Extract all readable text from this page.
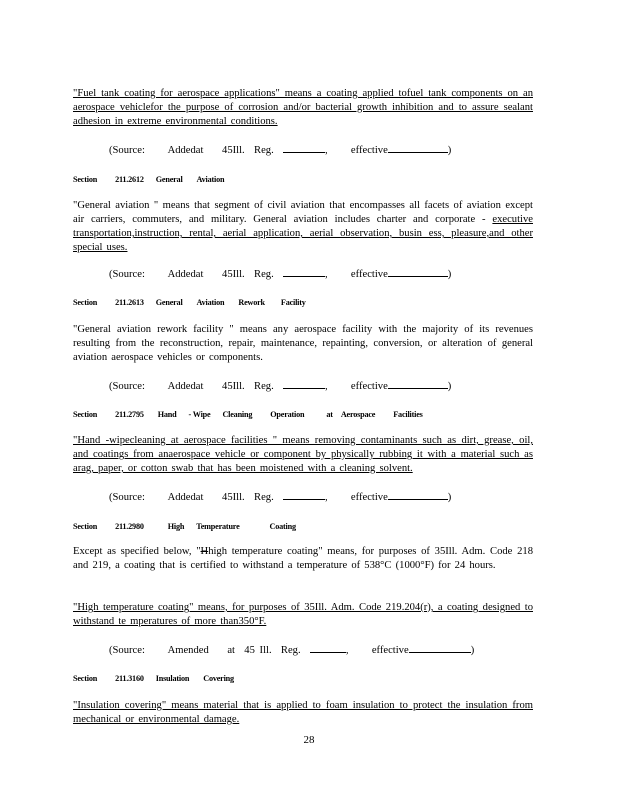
"Fuel tank coating for aerospace applications" means a coating applied tofuel tank components on an aerospace vehiclefor the purpose of corrosion and/or bacterial growth inhibition and to assure sealant adhesion in extreme environmental conditions.
(Source: Addedat 45Ill. Reg.	,     effective	)
Section 211.2612 General Aviation
"General aviation " means that segment of civil aviation that encompasses all facets of aviation except air carriers, commuters, and military. General aviation includes charter and corporate - executive transportation,instruction, rental, aerial application, aerial observation, busin ess, pleasure,and other special uses.
(Source: Addedat 45Ill. Reg.	,     effective	)
Section 211.2613 General Aviation Rework Facility
"General aviation rework facility " means any aerospace facility with the majority of its revenues resulting from the reconstruction, repair, maintenance, repainting, conversion, or alteration of general aviation aerospace vehicles or components.
(Source: Addedat 45Ill. Reg.	,     effective	)
Section 211.2795 Hand - Wipe Cleaning Operation	at Aerospace Facilities
"Hand -wipecleaning at aerospace facilities " means removing contaminants such as dirt, grease, oil, and coatings from anaerospace vehicle or component by physically rubbing it with a material such as arag, paper, or cotton swab that has been moistened with a cleaning solvent.
(Source: Addedat 45Ill. Reg.	,     effective	)
Section 211.2980	High Temperature	Coating
Except as specified below, "Hhigh temperature coating" means, for purposes of 35Ill. Adm. Code 218 and 219, a coating that is certified to withstand a temperature of 538°C (1000°F) for 24 hours.
"High temperature coating" means, for purposes of 35Ill. Adm. Code 219.204(r), a coating designed to withstand te mperatures of more than350°F.
(Source: Amended at 45 Ill. Reg.	, effective	)
Section 211.3160 Insulation Covering
"Insulation covering" means material that is applied to foam insulation to protect the insulation from mechanical or environmental damage.
28
